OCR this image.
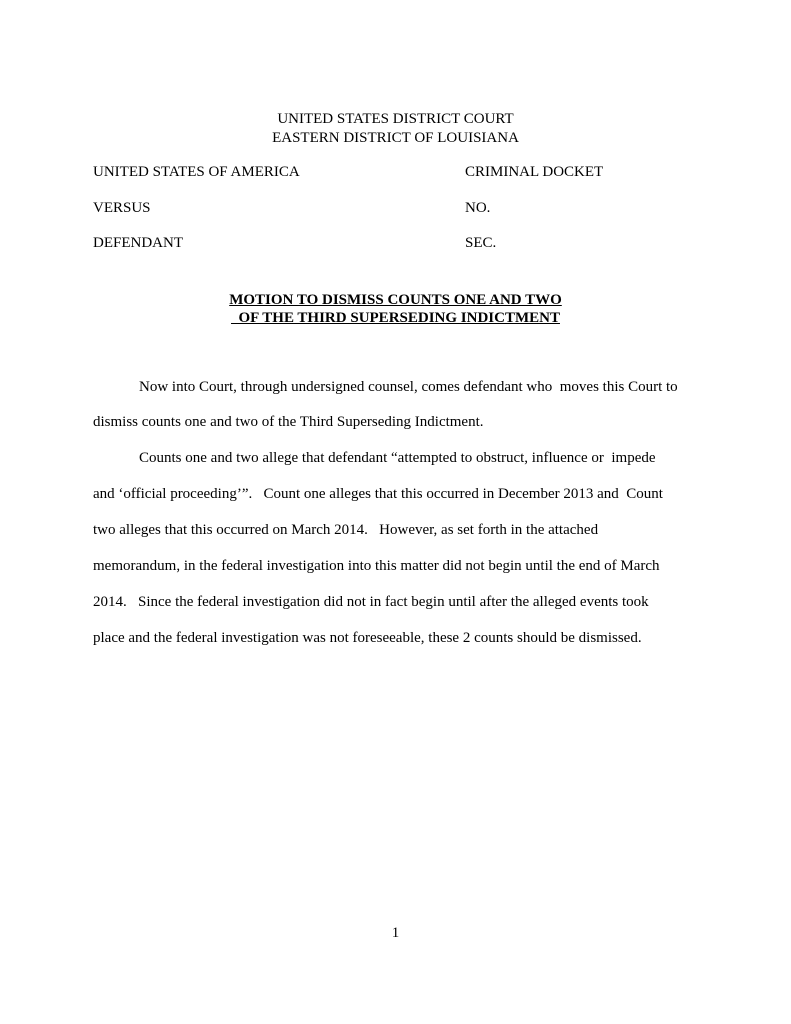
UNITED STATES DISTRICT COURT
EASTERN DISTRICT OF LOUISIANA
UNITED STATES OF AMERICA	CRIMINAL DOCKET
VERSUS	NO.
DEFENDANT	SEC.
MOTION TO DISMISS COUNTS ONE AND TWO
OF THE THIRD SUPERSEDING INDICTMENT
Now into Court, through undersigned counsel, comes defendant who  moves this Court to
dismiss counts one and two of the Third Superseding Indictment.
Counts one and two allege that defendant “attempted to obstruct, influence or  impede
and ‘official proceeding’”.   Count one alleges that this occurred in December 2013 and  Count
two alleges that this occurred on March 2014.   However, as set forth in the attached
memorandum, in the federal investigation into this matter did not begin until the end of March
2014.   Since the federal investigation did not in fact begin until after the alleged events took
place and the federal investigation was not foreseeable, these 2 counts should be dismissed.
1
